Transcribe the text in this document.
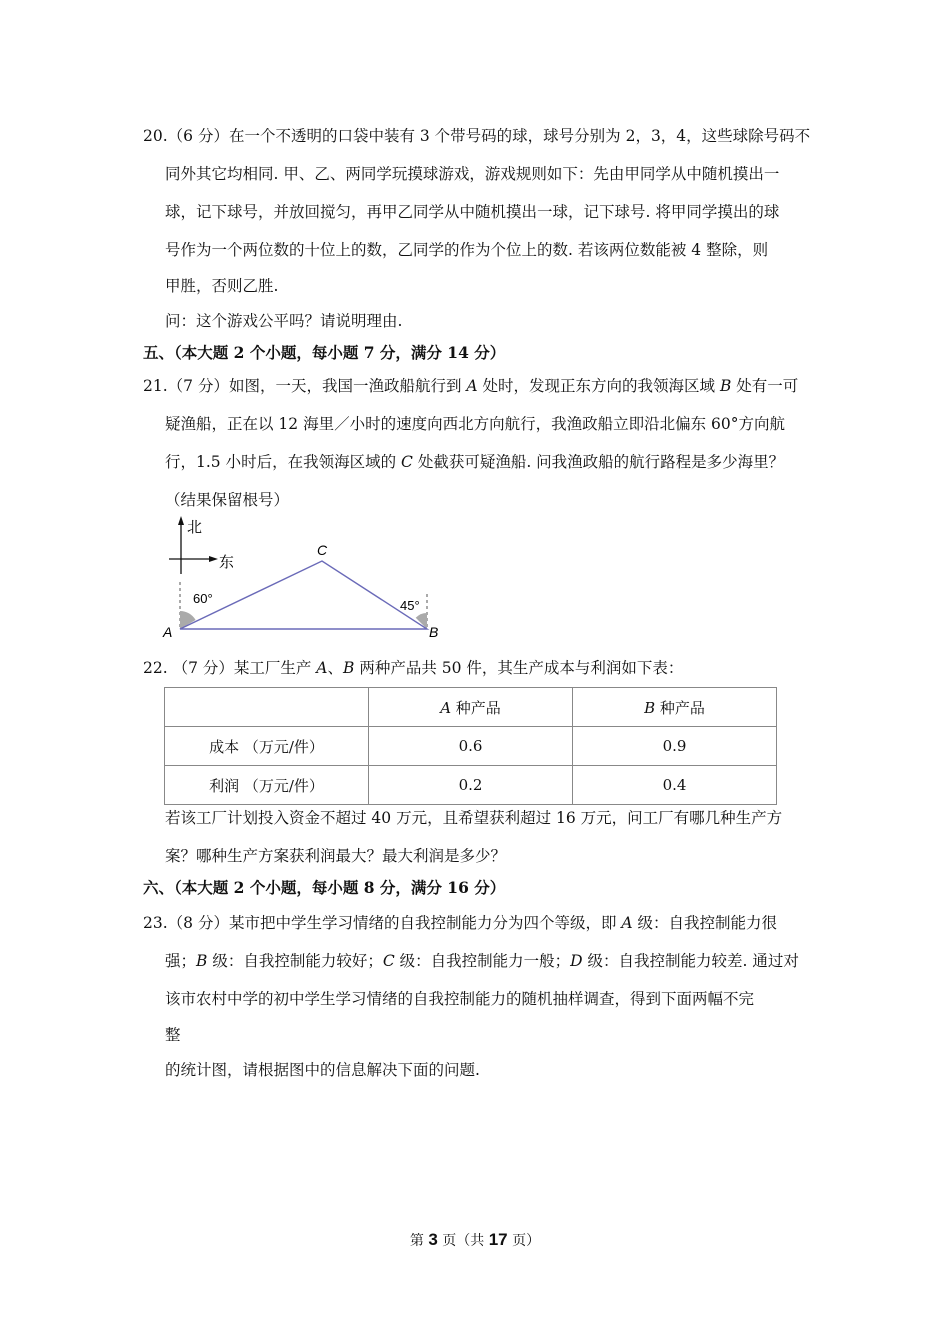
20.（6 分）在一个不透明的口袋中装有 3 个带号码的球，球号分别为 2，3，4，这些球除号码不
同外其它均相同. 甲、乙、两同学玩摸球游戏，游戏规则如下：先由甲同学从中随机摸出一
球，记下球号，并放回搅匀，再甲乙同学从中随机摸出一球，记下球号. 将甲同学摸出的球
号作为一个两位数的十位上的数，乙同学的作为个位上的数. 若该两位数能被 4 整除，则
甲胜，否则乙胜.
问：这个游戏公平吗？请说明理由.
五、（本大题 2 个小题，每小题 7 分，满分 14 分）
21.（7 分）如图，一天，我国一渔政船航行到 A 处时，发现正东方向的我领海区域 B 处有一可
疑渔船，正在以 12 海里／小时的速度向西北方向航行，我渔政船立即沿北偏东 60°方向航
行，1.5 小时后，在我领海区域的 C 处截获可疑渔船. 问我渔政船的航行路程是多少海里？
（结果保留根号）
北
东
A	B
C
60°	45°
22. （7 分）某工厂生产 A、B 两种产品共 50 件，其生产成本与利润如下表：
	A 种产品	B 种产品
成本 （万元/件）	0.6	0.9
利润 （万元/件）	0.2	0.4
若该工厂计划投入资金不超过 40 万元，且希望获利超过 16 万元，问工厂有哪几种生产方
案？哪种生产方案获利润最大？最大利润是多少？
六、（本大题 2 个小题，每小题 8 分，满分 16 分）
23.（8 分）某市把中学生学习情绪的自我控制能力分为四个等级，即 A 级：自我控制能力很
强；B 级：自我控制能力较好；C 级：自我控制能力一般；D 级：自我控制能力较差. 通过对
该市农村中学的初中学生学习情绪的自我控制能力的随机抽样调查，得到下面两幅不完
整
的统计图，请根据图中的信息解决下面的问题.
第 3 页（共 17 页）
